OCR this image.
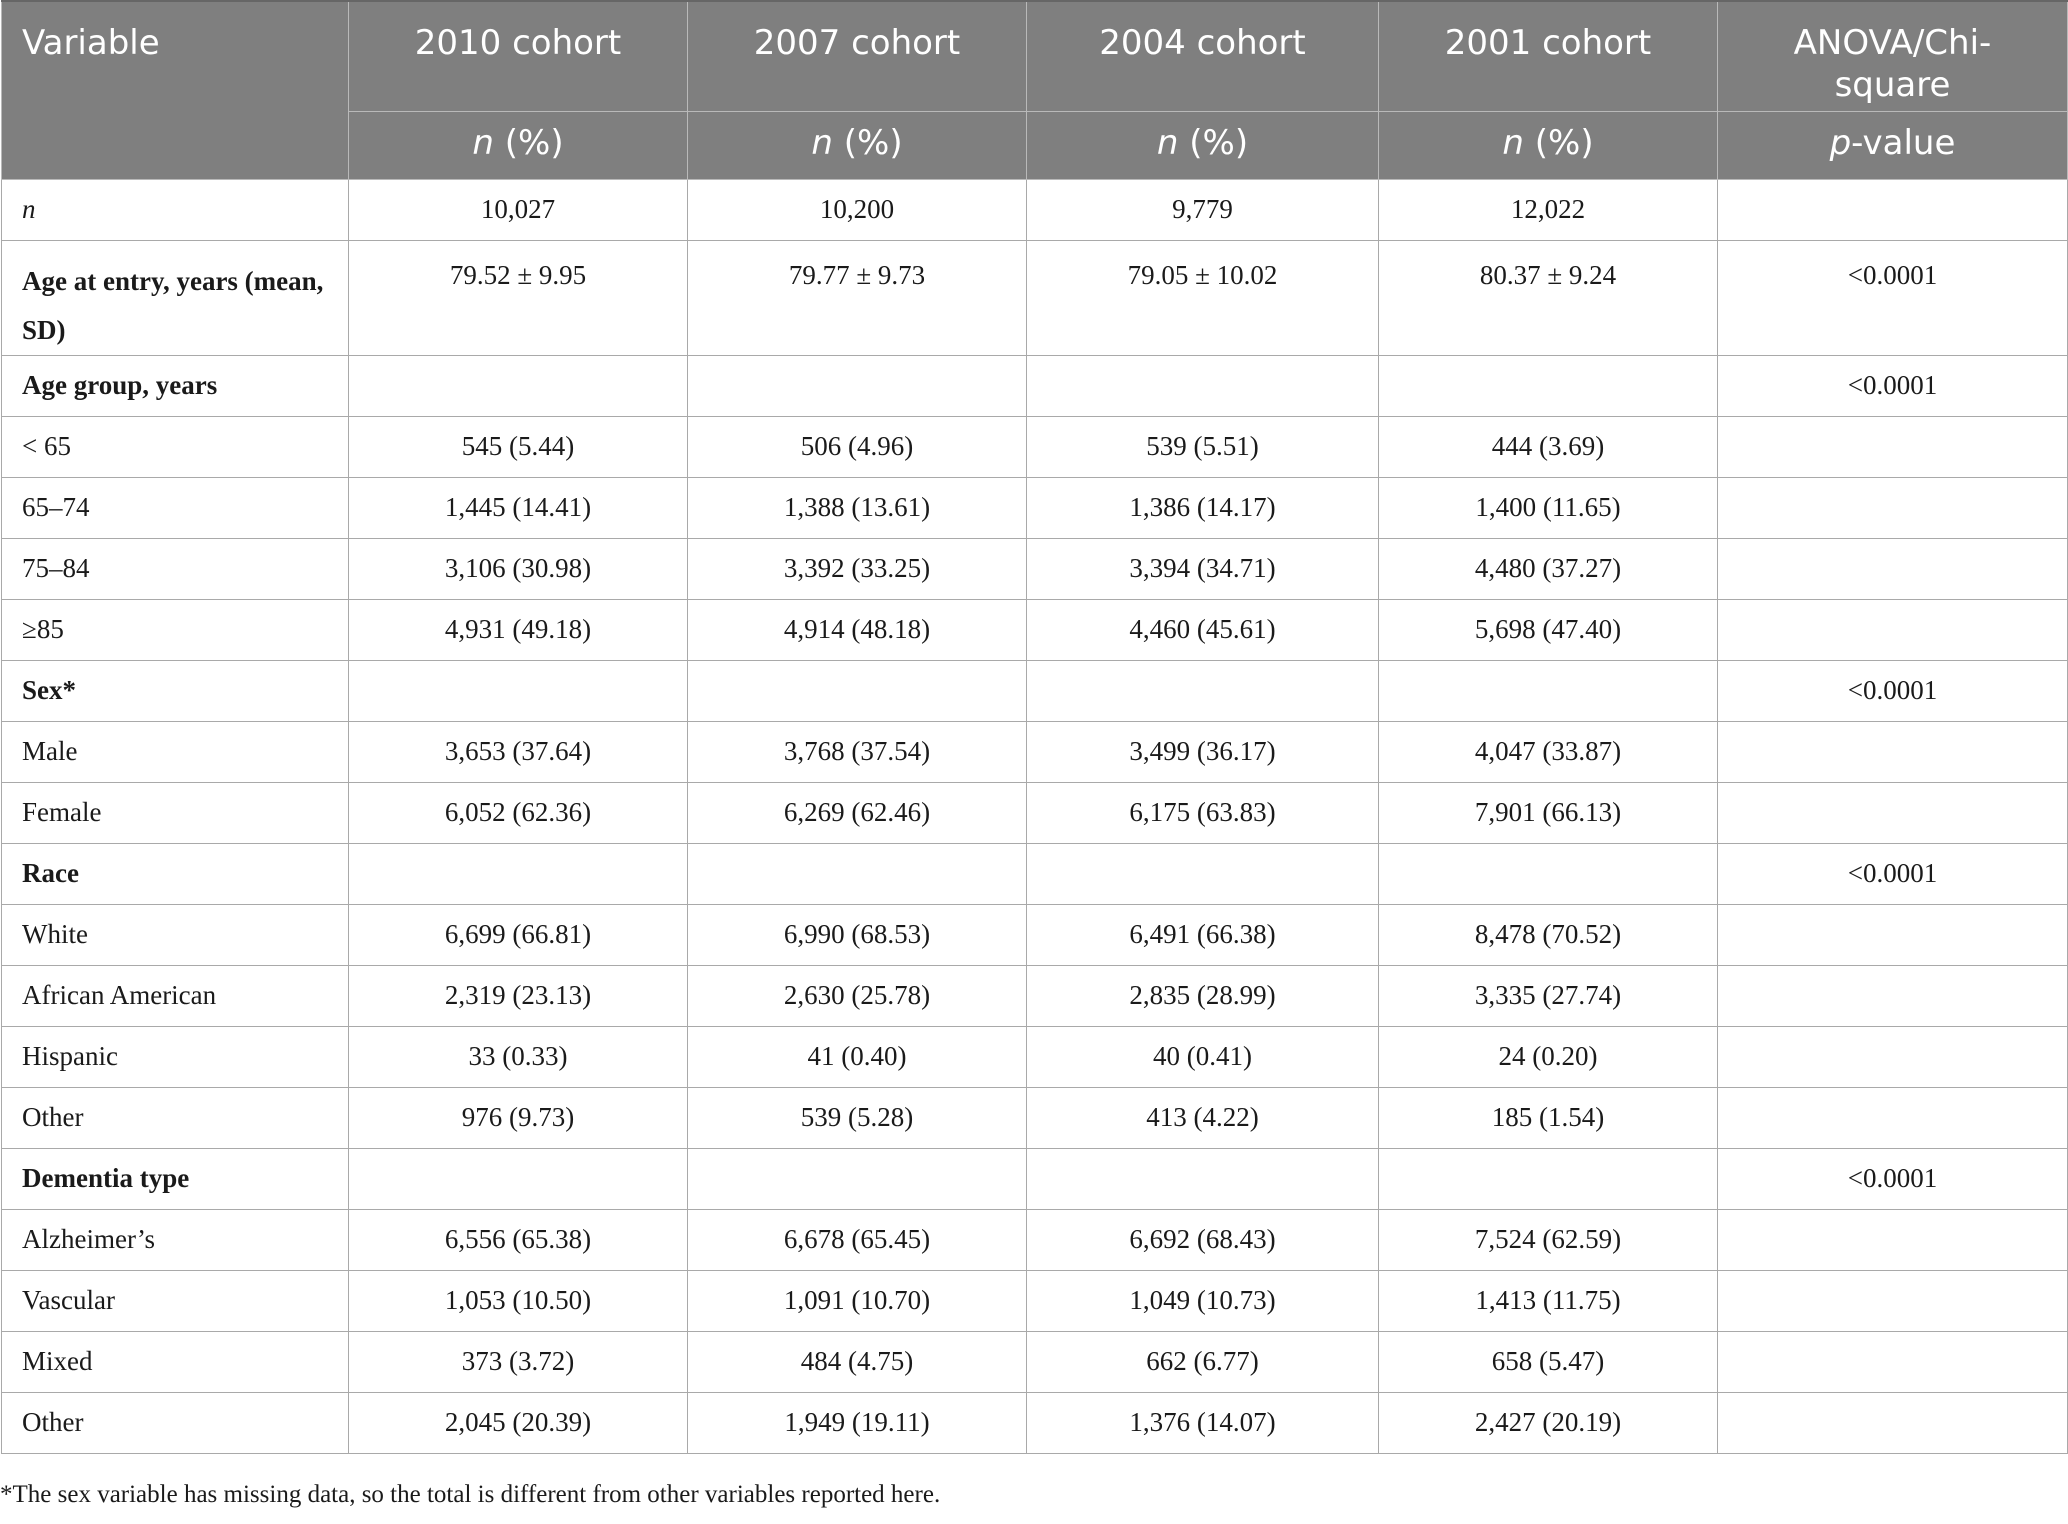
Variable	2010 cohort	2007 cohort	2004 cohort	2001 cohort	ANOVA/Chi-square
	n (%)	n (%)	n (%)	n (%)	p-value
n	10,027	10,200	9,779	12,022	
Age at entry, years (mean, SD)	79.52 ± 9.95	79.77 ± 9.73	79.05 ± 10.02	80.37 ± 9.24	<0.0001
Age group, years					<0.0001
< 65	545 (5.44)	506 (4.96)	539 (5.51)	444 (3.69)	
65–74	1,445 (14.41)	1,388 (13.61)	1,386 (14.17)	1,400 (11.65)	
75–84	3,106 (30.98)	3,392 (33.25)	3,394 (34.71)	4,480 (37.27)	
≥85	4,931 (49.18)	4,914 (48.18)	4,460 (45.61)	5,698 (47.40)	
Sex*					<0.0001
Male	3,653 (37.64)	3,768 (37.54)	3,499 (36.17)	4,047 (33.87)	
Female	6,052 (62.36)	6,269 (62.46)	6,175 (63.83)	7,901 (66.13)	
Race					<0.0001
White	6,699 (66.81)	6,990 (68.53)	6,491 (66.38)	8,478 (70.52)	
African American	2,319 (23.13)	2,630 (25.78)	2,835 (28.99)	3,335 (27.74)	
Hispanic	33 (0.33)	41 (0.40)	40 (0.41)	24 (0.20)	
Other	976 (9.73)	539 (5.28)	413 (4.22)	185 (1.54)	
Dementia type					<0.0001
Alzheimer’s	6,556 (65.38)	6,678 (65.45)	6,692 (68.43)	7,524 (62.59)	
Vascular	1,053 (10.50)	1,091 (10.70)	1,049 (10.73)	1,413 (11.75)	
Mixed	373 (3.72)	484 (4.75)	662 (6.77)	658 (5.47)	
Other	2,045 (20.39)	1,949 (19.11)	1,376 (14.07)	2,427 (20.19)	
*The sex variable has missing data, so the total is different from other variables reported here.
